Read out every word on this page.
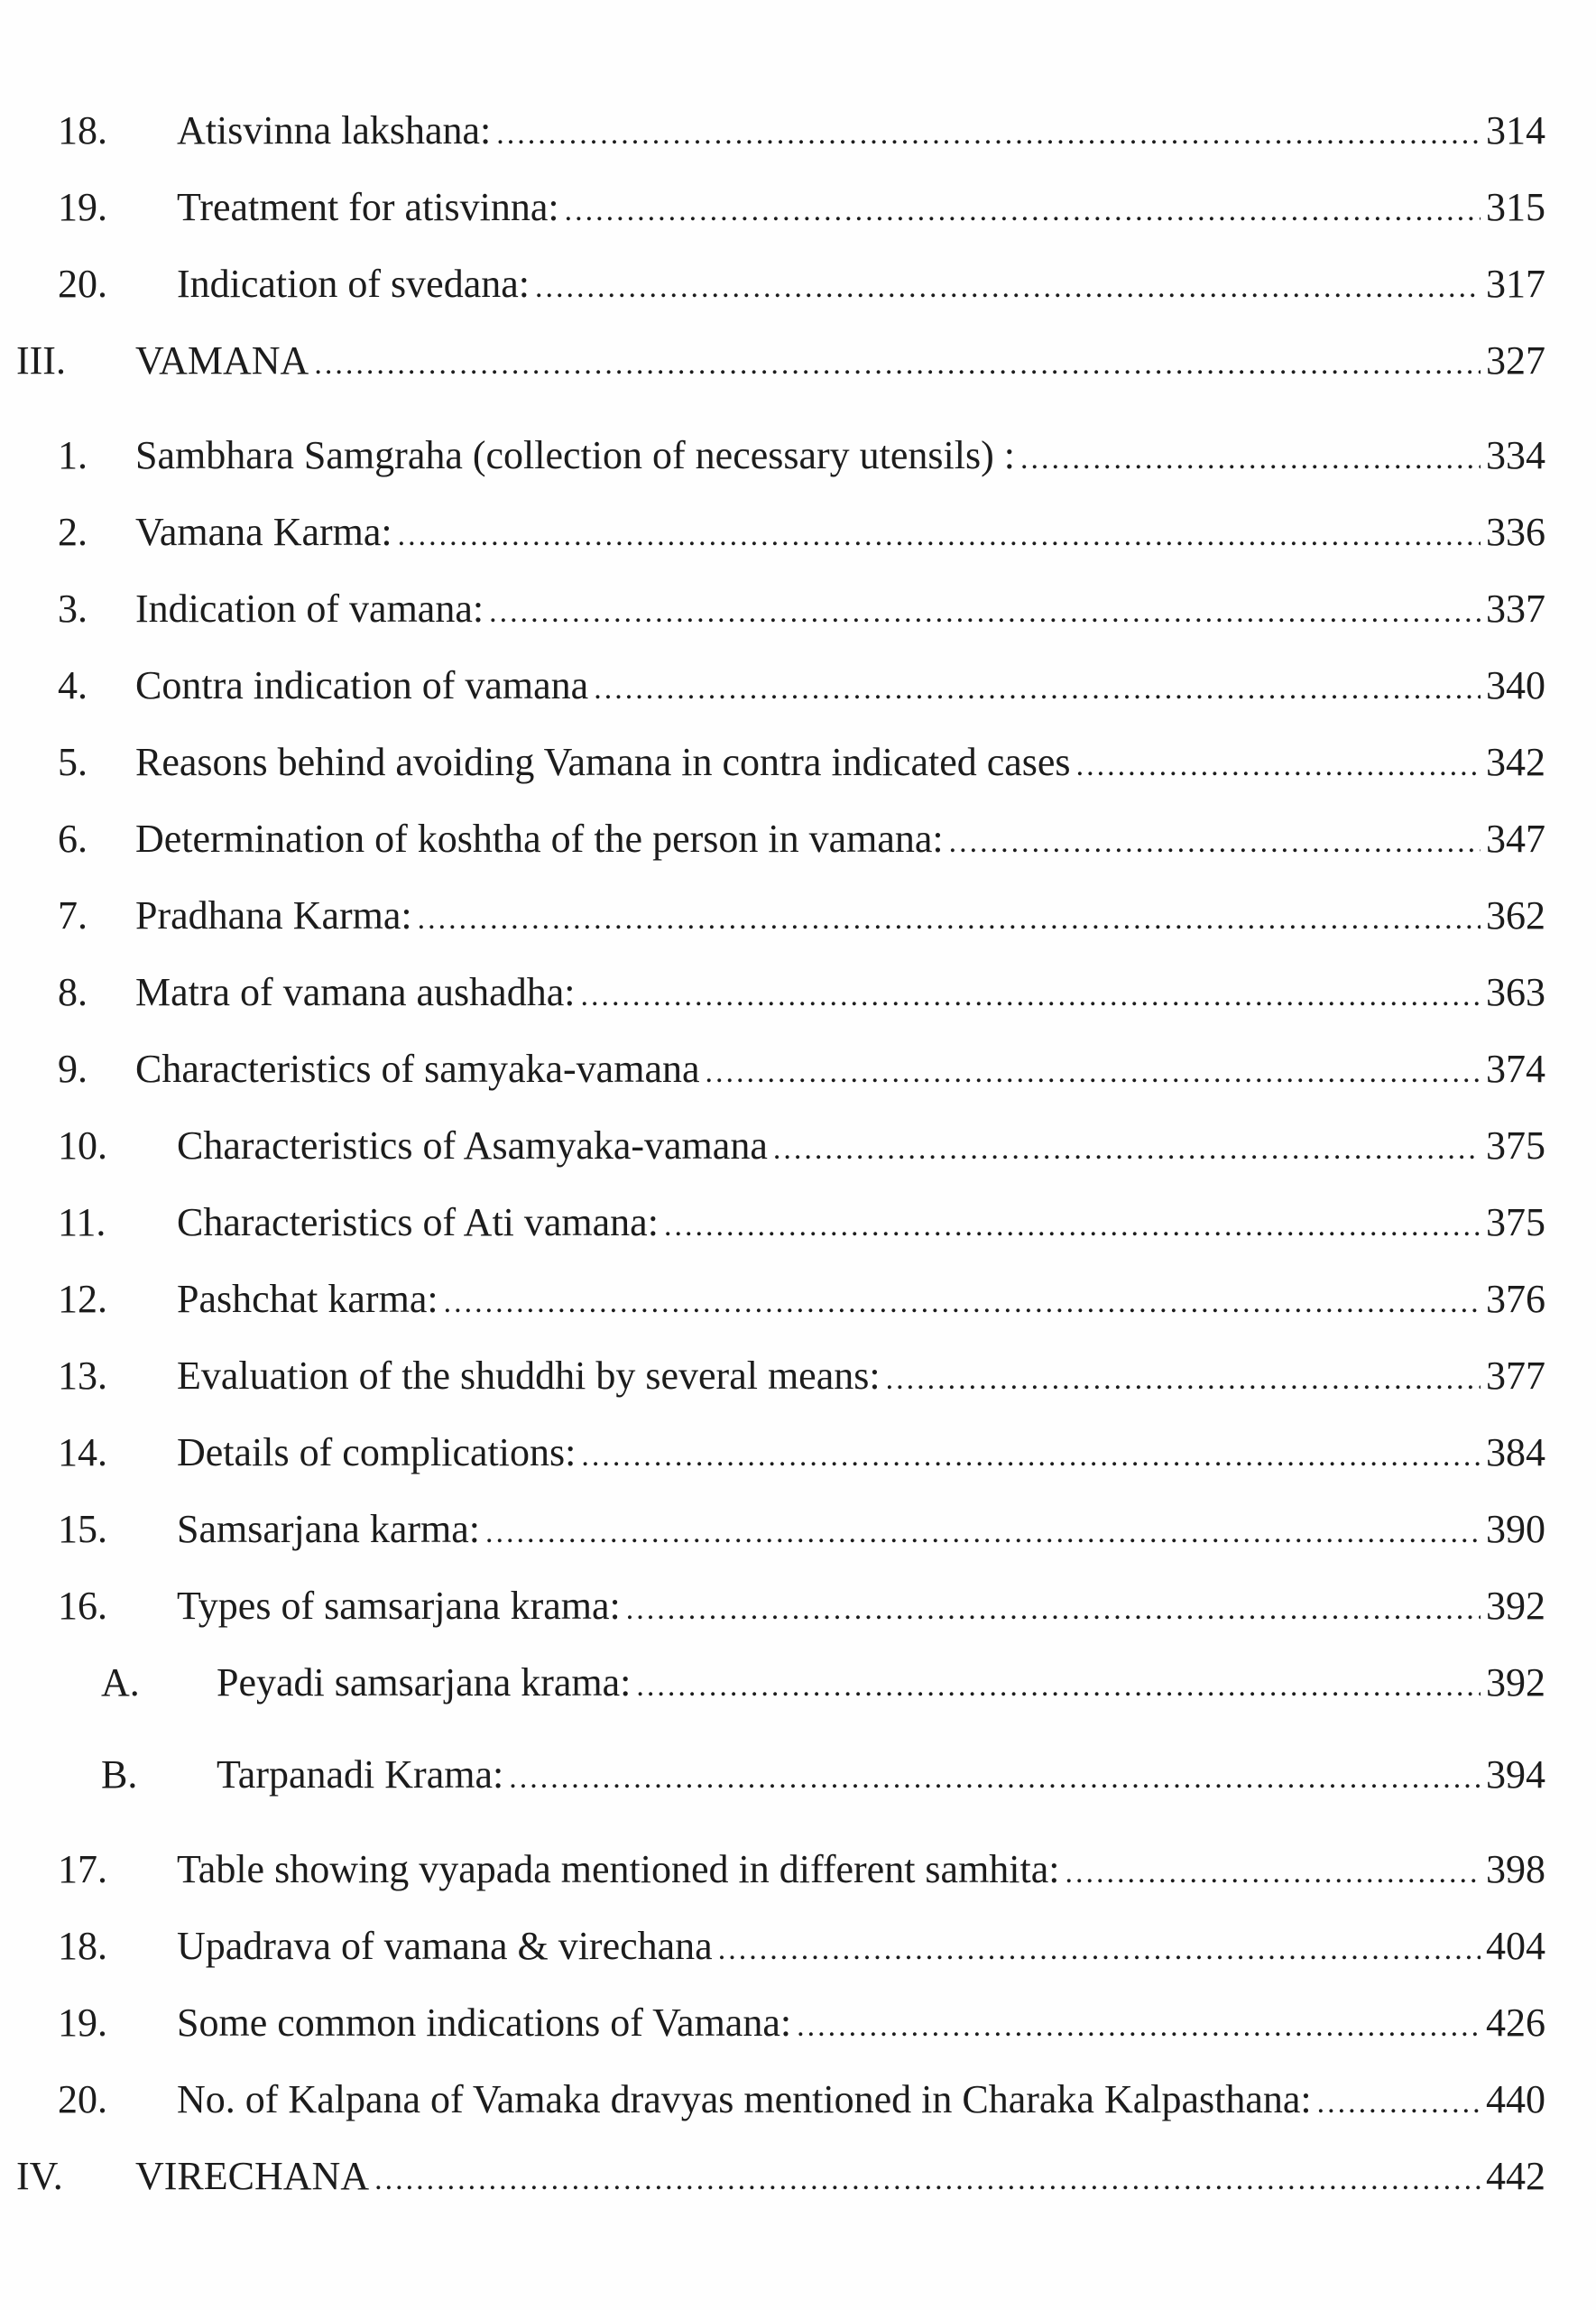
18. Atisvinna lakshana: .....	314
19. Treatment for atisvinna: .....	315
20. Indication of svedana: .....	317
III. VAMANA .....	327
1. Sambhara Samgraha (collection of necessary utensils) : .....	334
2. Vamana Karma: .....	336
3. Indication of vamana: .....	337
4. Contra indication of vamana .....	340
5. Reasons behind avoiding Vamana in contra indicated cases .....	342
6. Determination of koshtha of the person in vamana: .....	347
7. Pradhana Karma: .....	362
8. Matra of vamana aushadha: .....	363
9. Characteristics of samyaka-vamana .....	374
10. Characteristics of Asamyaka-vamana .....	375
11. Characteristics of Ati vamana: .....	375
12. Pashchat karma: .....	376
13. Evaluation of the shuddhi by several means: .....	377
14. Details of complications: .....	384
15. Samsarjana karma: .....	390
16. Types of samsarjana krama: .....	392
A. Peyadi samsarjana krama: .....	392
B. Tarpanadi Krama: .....	394
17. Table showing vyapada mentioned in different samhita: .....	398
18. Upadrava of vamana & virechana .....	404
19. Some common indications of Vamana: .....	426
20. No. of Kalpana of Vamaka dravyas mentioned in Charaka Kalpasthana: .....	440
IV. VIRECHANA .....	442
